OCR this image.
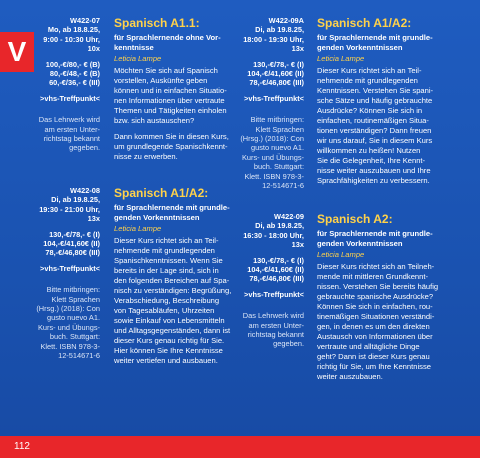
V
W422-07
Mo, ab 18.8.25,
9:00 - 10:30 Uhr,
10x
100,-€/80,- € (B)
80,-€/48,- € (B)
60,-€/36,- € (III)
>vhs-Treffpunkt<
Das Lehrwerk wird
am ersten Unter-
richtstag bekannt
gegeben.
Spanisch A1.1:
für Sprachlernende ohne Vor-
kenntnisse
Leticia Lampe

Möchten Sie sich auf Spanisch
vorstellen, Auskünfte geben
können und in einfachen Situatio-
nen Informationen über vertraute
Themen und Tätigkeiten einholen
bzw. sich austauschen?

Dann kommen Sie in diesen Kurs,
um grundlegende Spanischkennt-
nisse zu erwerben.

W422-09A
Di, ab 19.8.25,
18:00 - 19:30 Uhr,
13x
130,-€/78,- € (I)
104,-€/41,60€ (II)
78,-€/46,80€ (III)
>vhs-Treffpunkt<
Bitte mitbringen:
Klett Sprachen
(Hrsg.) (2018): Con
gusto nuevo A1.
Kurs- und Übungs-
buch. Stuttgart:
Klett. ISBN 978-3-
12-514671-6
Spanisch A1/A2:
für Sprachlernende mit grundle-
genden Vorkenntnissen
Leticia Lampe

Dieser Kurs richtet sich an Teil-
nehmende mit grundlegenden
Kenntnissen. Verstehen Sie spani-
sche Sätze und häufig gebrauchte
Ausdrücke? Können Sie sich in
einfachen, routinemäßigen Situa-
tionen verständigen? Dann freuen
wir uns darauf, Sie in diesem Kurs
willkommen zu heißen! Nutzen
Sie die Gelegenheit, Ihre Kennt-
nisse weiter auszubauen und Ihre
Sprachfähigkeiten zu verbessern.

W422-08
Di, ab 19.8.25,
19:30 - 21:00 Uhr,
13x
130,-€/78,- € (I)
104,-€/41,60€ (II)
78,-€/46,80€ (III)
>vhs-Treffpunkt<
Bitte mitbringen:
Klett Sprachen
(Hrsg.) (2018): Con
gusto nuevo A1.
Kurs- und Übungs-
buch. Stuttgart:
Klett. ISBN 978-3-
12-514671-6
Spanisch A1/A2:
für Sprachlernende mit grundle-
genden Vorkenntnissen
Leticia Lampe

Dieser Kurs richtet sich an Teil-
nehmende mit grundlegenden
Spanischkenntnissen. Wenn Sie
bereits in der Lage sind, sich in
den folgenden Bereichen auf Spa-
nisch zu verständigen: Begrüßung,
Verabschiedung, Beschreibung
von Tagesabläufen, Uhrzeiten
sowie Einkauf von Lebensmitteln
und Alltagsgegenständen, dann ist
dieser Kurs genau richtig für Sie.
Hier können Sie Ihre Kenntnisse
weiter vertiefen und ausbauen.

W422-09
Di, ab 19.8.25,
16:30 - 18:00 Uhr,
13x
130,-€/78,- € (I)
104,-€/41,60€ (II)
78,-€/46,80€ (III)
>vhs-Treffpunkt<
Das Lehrwerk wird
am ersten Unter-
richtstag bekannt
gegeben.
Spanisch A2:
für Sprachlernende mit grundle-
genden Vorkenntnissen
Leticia Lampe

Dieser Kurs richtet sich an Teilneh-
mende mit mittleren Grundkennt-
nissen. Verstehen Sie bereits häufig
gebrauchte spanische Ausdrücke?
Können Sie sich in einfachen, rou-
tinemäßigen Situationen verständi-
gen, in denen es um den direkten
Austausch von Informationen über
vertraute und alltägliche Dinge
geht? Dann ist dieser Kurs genau
richtig für Sie, um Ihre Kenntnisse
weiter auszubauen.

112
